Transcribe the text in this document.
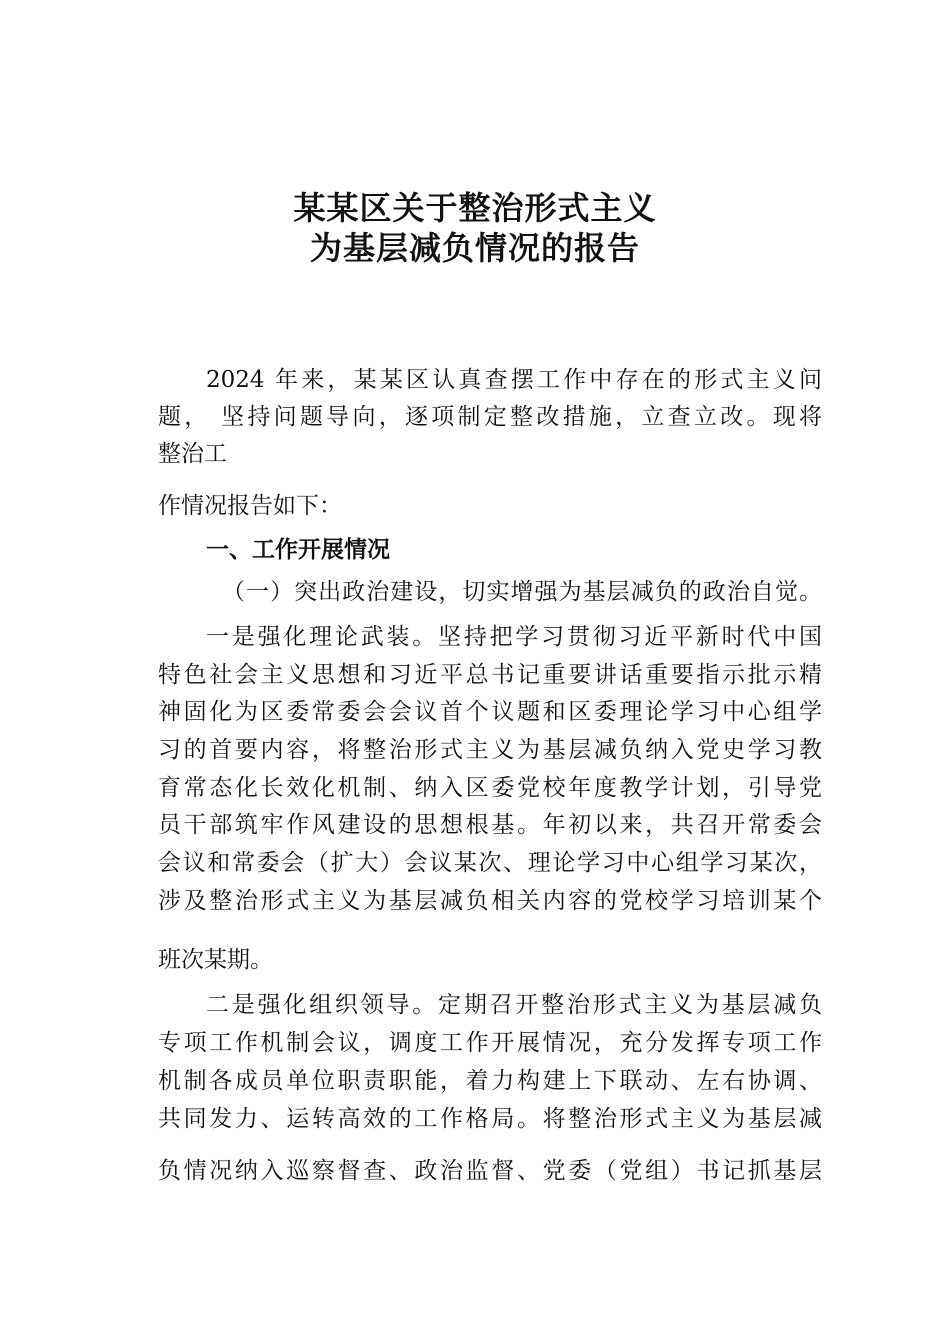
某某区关于整治形式主义
为基层减负情况的报告
2024 年来，某某区认真查摆工作中存在的形式主义问
题， 坚持问题导向，逐项制定整改措施，立查立改。现将
整治工
作情况报告如下：
一、工作开展情况
（一）突出政治建设，切实增强为基层减负的政治自觉。
一是强化理论武装。坚持把学习贯彻习近平新时代中国
特色社会主义思想和习近平总书记重要讲话重要指示批示精
神固化为区委常委会会议首个议题和区委理论学习中心组学
习的首要内容，将整治形式主义为基层减负纳入党史学习教
育常态化长效化机制、纳入区委党校年度教学计划，引导党
员干部筑牢作风建设的思想根基。年初以来，共召开常委会
会议和常委会（扩大）会议某次、理论学习中心组学习某次，
涉及整治形式主义为基层减负相关内容的党校学习培训某个
班次某期。
二是强化组织领导。定期召开整治形式主义为基层减负
专项工作机制会议，调度工作开展情况，充分发挥专项工作
机制各成员单位职责职能，着力构建上下联动、左右协调、
共同发力、运转高效的工作格局。将整治形式主义为基层减
负情况纳入巡察督查、政治监督、党委（党组）书记抓基层
